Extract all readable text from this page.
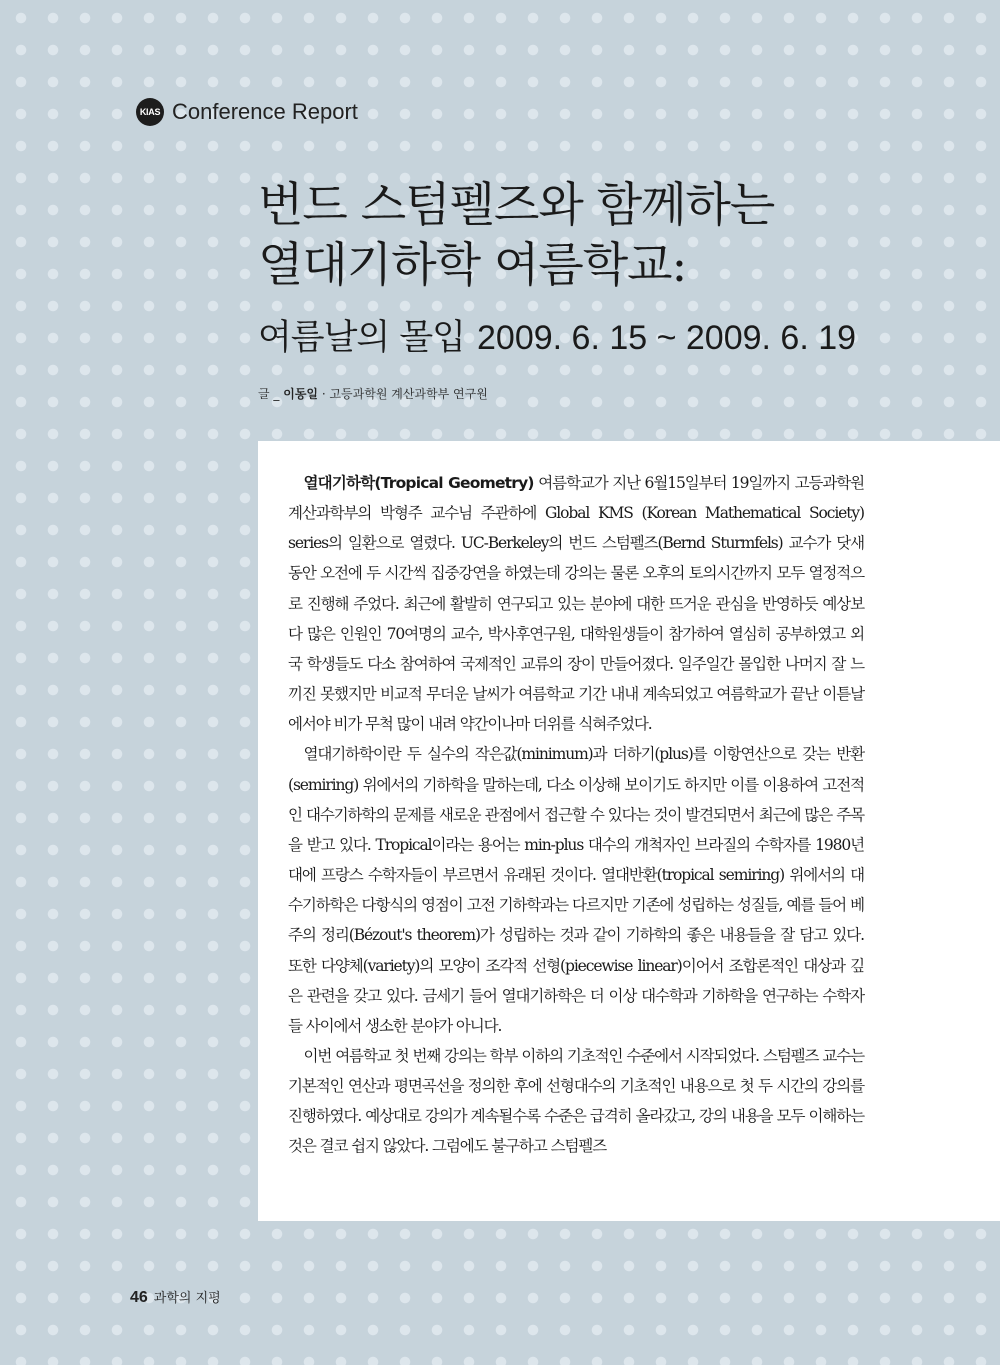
KIAS Conference Report
번드 스텀펠즈와 함께하는
열대기하학 여름학교:
여름날의 몰입 2009. 6. 15 ~ 2009. 6. 19
글 _ 이동일 · 고등과학원 계산과학부 연구원

열대기하학(Tropical Geometry) 여름학교가 지난 6월15일부터 19일까지 고등과학원 계산과학부의 박형주 교수님 주관하에 Global KMS (Korean Mathematical Society) series의 일환으로 열렸다. UC-Berkeley의 번드 스텀펠즈(Bernd Sturmfels) 교수가 닷새 동안 오전에 두 시간씩 집중강연을 하였는데 강의는 물론 오후의 토의시간까지 모두 열정적으로 진행해 주었다. 최근에 활발히 연구되고 있는 분야에 대한 뜨거운 관심을 반영하듯 예상보다 많은 인원인 70여명의 교수, 박사후연구원, 대학원생들이 참가하여 열심히 공부하였고 외국 학생들도 다소 참여하여 국제적인 교류의 장이 만들어졌다. 일주일간 몰입한 나머지 잘 느끼진 못했지만 비교적 무더운 날씨가 여름학교 기간 내내 계속되었고 여름학교가 끝난 이튿날에서야 비가 무척 많이 내려 약간이나마 더위를 식혀주었다.

열대기하학이란 두 실수의 작은값(minimum)과 더하기(plus)를 이항연산으로 갖는 반환(semiring) 위에서의 기하학을 말하는데, 다소 이상해 보이기도 하지만 이를 이용하여 고전적인 대수기하학의 문제를 새로운 관점에서 접근할 수 있다는 것이 발견되면서 최근에 많은 주목을 받고 있다. Tropical이라는 용어는 min-plus 대수의 개척자인 브라질의 수학자를 1980년대에 프랑스 수학자들이 부르면서 유래된 것이다. 열대반환(tropical semiring) 위에서의 대수기하학은 다항식의 영점이 고전 기하학과는 다르지만 기존에 성립하는 성질들, 예를 들어 베주의 정리(Bézout's theorem)가 성립하는 것과 같이 기하학의 좋은 내용들을 잘 담고 있다. 또한 다양체(variety)의 모양이 조각적 선형(piecewise linear)이어서 조합론적인 대상과 깊은 관련을 갖고 있다. 금세기 들어 열대기하학은 더 이상 대수학과 기하학을 연구하는 수학자들 사이에서 생소한 분야가 아니다.

이번 여름학교 첫 번째 강의는 학부 이하의 기초적인 수준에서 시작되었다. 스텀펠즈 교수는 기본적인 연산과 평면곡선을 정의한 후에 선형대수의 기초적인 내용으로 첫 두 시간의 강의를 진행하였다. 예상대로 강의가 계속될수록 수준은 급격히 올라갔고, 강의 내용을 모두 이해하는 것은 결코 쉽지 않았다. 그럼에도 불구하고 스텀펠즈

46 과학의 지평
